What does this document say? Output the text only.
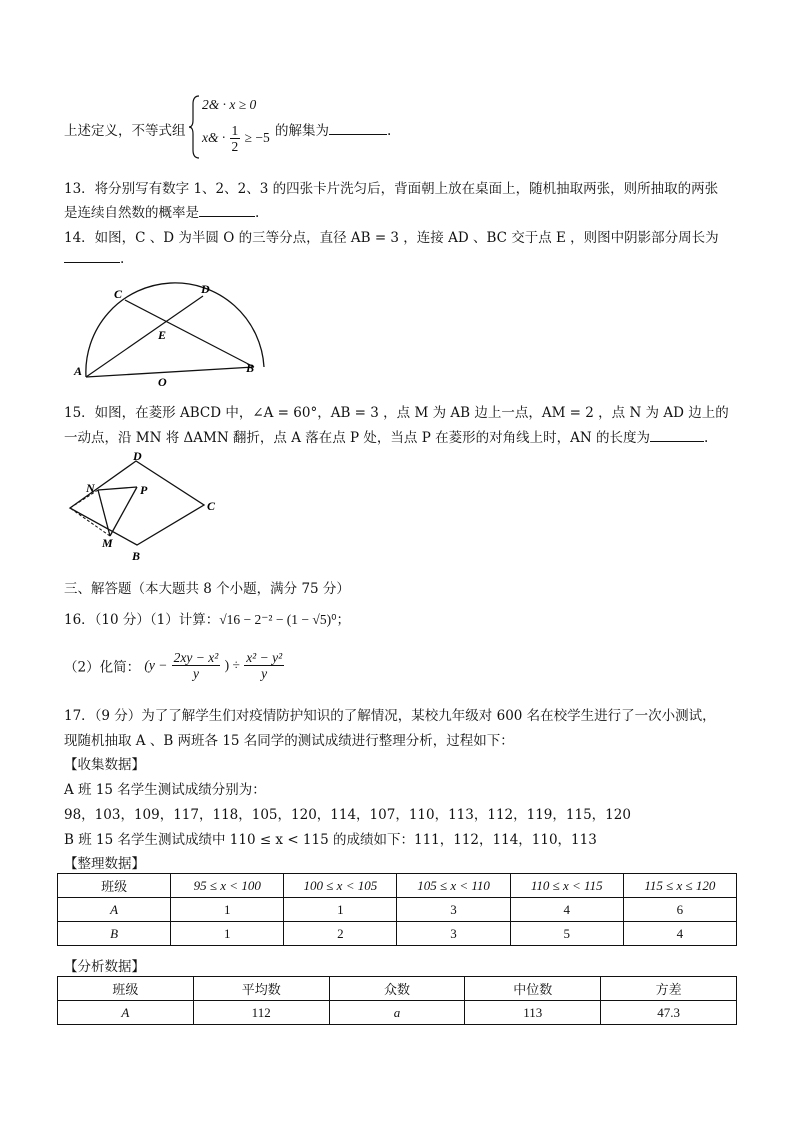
上述定义，不等式组
2& · x ≥ 0
x& · $\frac{1}{2} \ge -5$ 的解集为	.
13．将分别写有数字 1、2、2、3 的四张卡片洗匀后，背面朝上放在桌面上，随机抽取两张，则所抽取的两张
是连续自然数的概率是	.
14．如图，C 、D 为半圆 O 的三等分点，直径 AB = 3 ，连接 AD 、BC 交于点 E ，则图中阴影部分周长为
.
C	D
E
A	B
O
15．如图，在菱形 ABCD 中，∠A = 60°，AB = 3 ，点 M 为 AB 边上一点，AM = 2 ，点 N 为 AD 边上的
一动点，沿 MN 将 ΔAMN 翻折，点 A 落在点 P 处，当点 P 在菱形的对角线上时，AN 的长度为	.
D
N	P
C
M
B
三、解答题（本大题共 8 个小题，满分 75 分）
16．（10 分）（1）计算：√16 − 2⁻² − (1 − √5)⁰；
（2）化简： ($y - \frac{\text{2xy − x²}}{y}$ ) ÷ $\frac{\text{x² − y²}}{y}$
17．（9 分）为了了解学生们对疫情防护知识的了解情况，某校九年级对 600 名在校学生进行了一次小测试，
现随机抽取 A 、B 两班各 15 名同学的测试成绩进行整理分析，过程如下：
【收集数据】
A 班 15 名学生测试成绩分别为：
98，103，109，117，118，105，120，114，107，110，113，112，119，115，120
B 班 15 名学生测试成绩中 110 ≤ x < 115 的成绩如下：111，112，114，110，113
【整理数据】
班级	95 ≤ x < 100	100 ≤ x < 105	105 ≤ x < 110	110 ≤ x < 115	115 ≤ x ≤ 120
A	1	1	3	4	6
B	1	2	3	5	4
【分析数据】
班级	平均数	众数	中位数	方差
A	112	a	113	47.3
